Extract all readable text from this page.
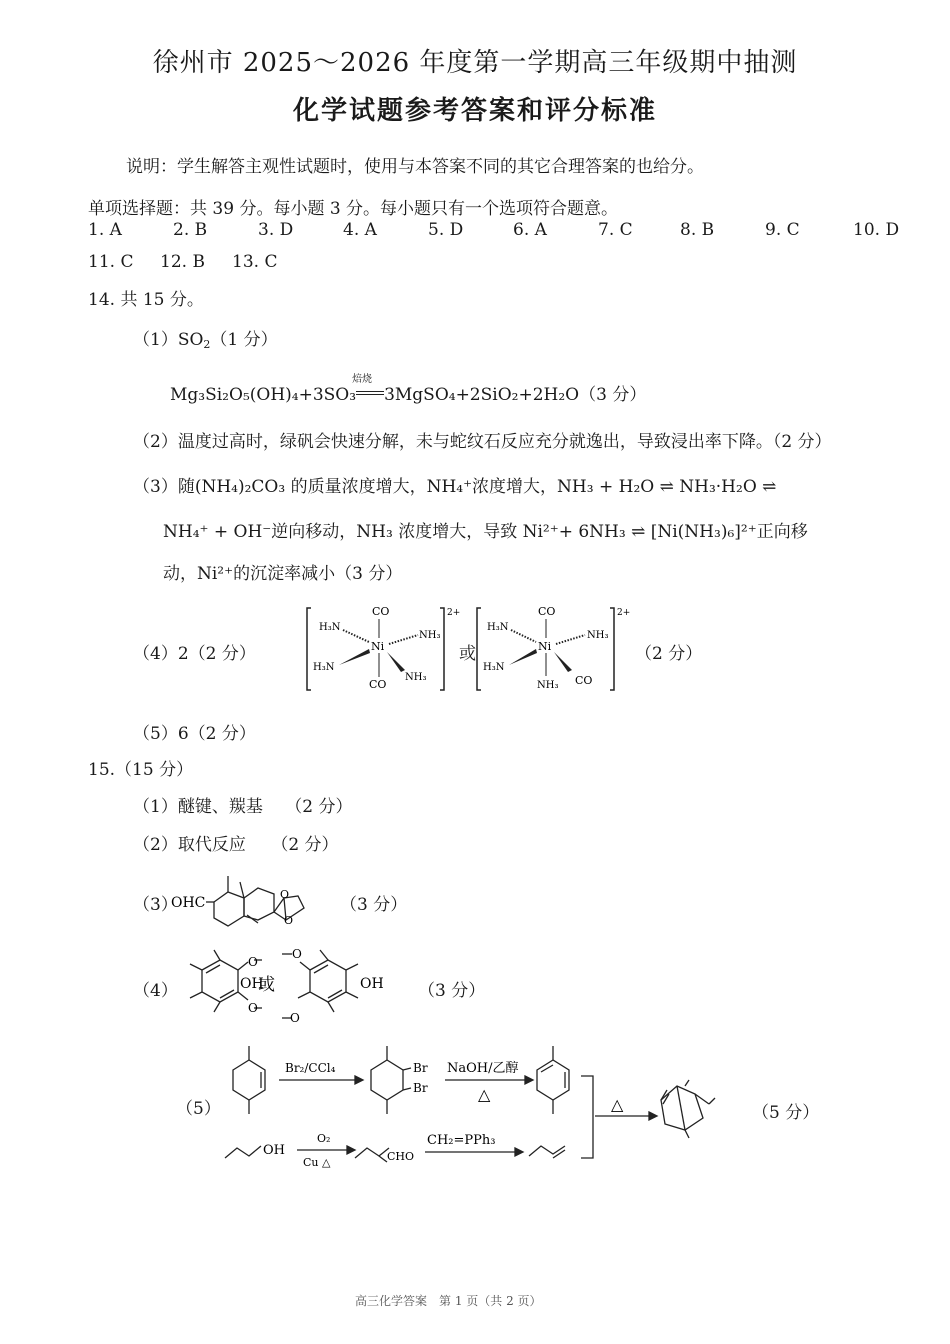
徐州市 2025～2026 年度第一学期高三年级期中抽测
化学试题参考答案和评分标准
说明：学生解答主观性试题时，使用与本答案不同的其它合理答案的也给分。
单项选择题：共 39 分。每小题 3 分。每小题只有一个选项符合题意。
1. A	2. B	3. D	4. A	5. D	6. A	7. C	8. B	9. C	10. D
11. C 12. B 13. C
14. 共 15 分。
$(1)SO_2(1$ 分）
Mg₃Si₂O₅(OH)₄+3SO₃
焙烧
3MgSO₄+2SiO₂+2H₂O（3 分）
（2）温度过高时，绿矾会快速分解，未与蛇纹石反应充分就逸出，导致浸出率下降。（2 分）
（3）随(NH₄)₂CO₃ 的质量浓度增大，NH₄⁺浓度增大，NH₃ + H₂O ⇌ NH₃·H₂O ⇌
NH₄⁺ + OH⁻逆向移动，NH₃ 浓度增大，导致 Ni²⁺+ 6NH₃ ⇌ [Ni(NH₃)₆]²⁺正向移
动，Ni²⁺的沉淀率减小（3 分）
（4）2（2 分）
2+
CO
Ni
CO
H₃N
NH₃
H₃N
NH₃
或
2+
CO
Ni
NH₃
H₃N
NH₃
H₃N
CO
（2 分）
（5）6（2 分）
15.（15 分）
（1）醚键、羰基　 （2 分）
（2）取代反应　　（2 分）
（3）
OHC
O
O
（3 分）
（4）
O
OH
O
或
O
O
OH （3 分）
（5）
Br₂/CCl₄	Br
Br
NaOH/乙醇
△
△
OH
O₂
Cu △	CHO
CH₂=PPh₃
（5 分）
高三化学答案　第 1 页（共 2 页）
